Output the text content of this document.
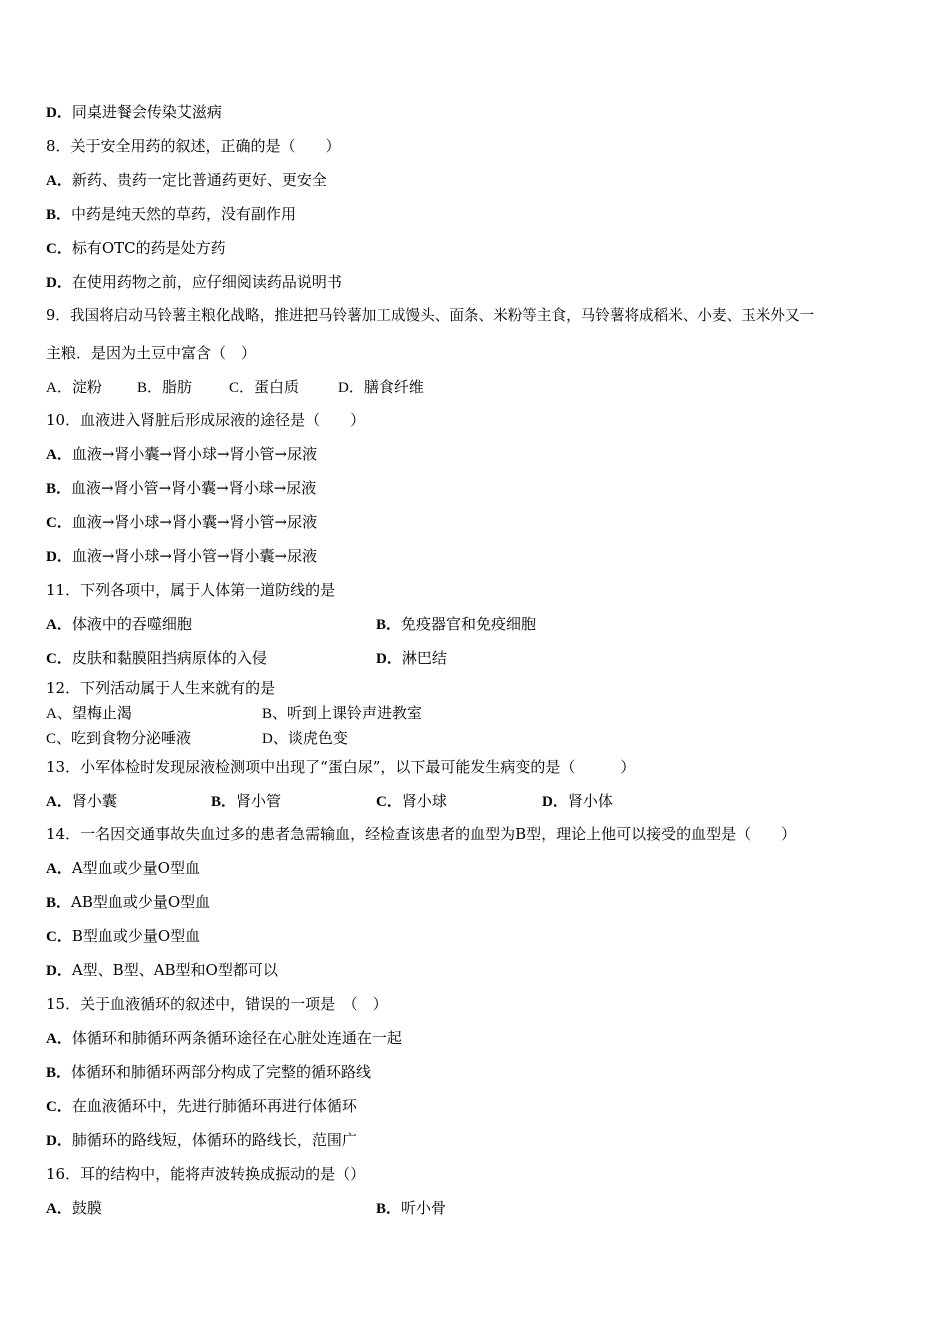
D．同桌进餐会传染艾滋病
8．关于安全用药的叙述，正确的是（　　）
A．新药、贵药一定比普通药更好、更安全
B．中药是纯天然的草药，没有副作用
C．标有OTC的药是处方药
D．在使用药物之前，应仔细阅读药品说明书
9．我国将启动马铃薯主粮化战略，推进把马铃薯加工成馒头、面条、米粉等主食，马铃薯将成稻米、小麦、玉米外又一
主粮．是因为土豆中富含（　）
A．淀粉 B．脂肪 C．蛋白质	D．膳食纤维
10．血液进入肾脏后形成尿液的途径是（　　）
A．血液→肾小囊→肾小球→肾小管→尿液
B．血液→肾小管→肾小囊→肾小球→尿液
C．血液→肾小球→肾小囊→肾小管→尿液
D．血液→肾小球→肾小管→肾小囊→尿液
11．下列各项中，属于人体第一道防线的是
A．体液中的吞噬细胞	B．免疫器官和免疫细胞
C．皮肤和黏膜阻挡病原体的入侵	D．淋巴结
12．下列活动属于人生来就有的是
A、望梅止渴	B、听到上课铃声进教室
C、吃到食物分泌唾液	D、谈虎色变
13．小军体检时发现尿液检测项中出现了“蛋白尿”，以下最可能发生病变的是（　　　）
A．肾小囊	B．肾小管	C．肾小球	D．肾小体
14．一名因交通事故失血过多的患者急需输血，经检查该患者的血型为B型，理论上他可以接受的血型是（　　）
A．A型血或少量O型血
B．AB型血或少量O型血
C．B型血或少量O型血
D．A型、B型、AB型和O型都可以
15．关于血液循环的叙述中，错误的一项是　（　）
A．体循环和肺循环两条循环途径在心脏处连通在一起
B．体循环和肺循环两部分构成了完整的循环路线
C．在血液循环中，先进行肺循环再进行体循环
D．肺循环的路线短，体循环的路线长，范围广
16．耳的结构中，能将声波转换成振动的是（）
A．鼓膜	B．听小骨
